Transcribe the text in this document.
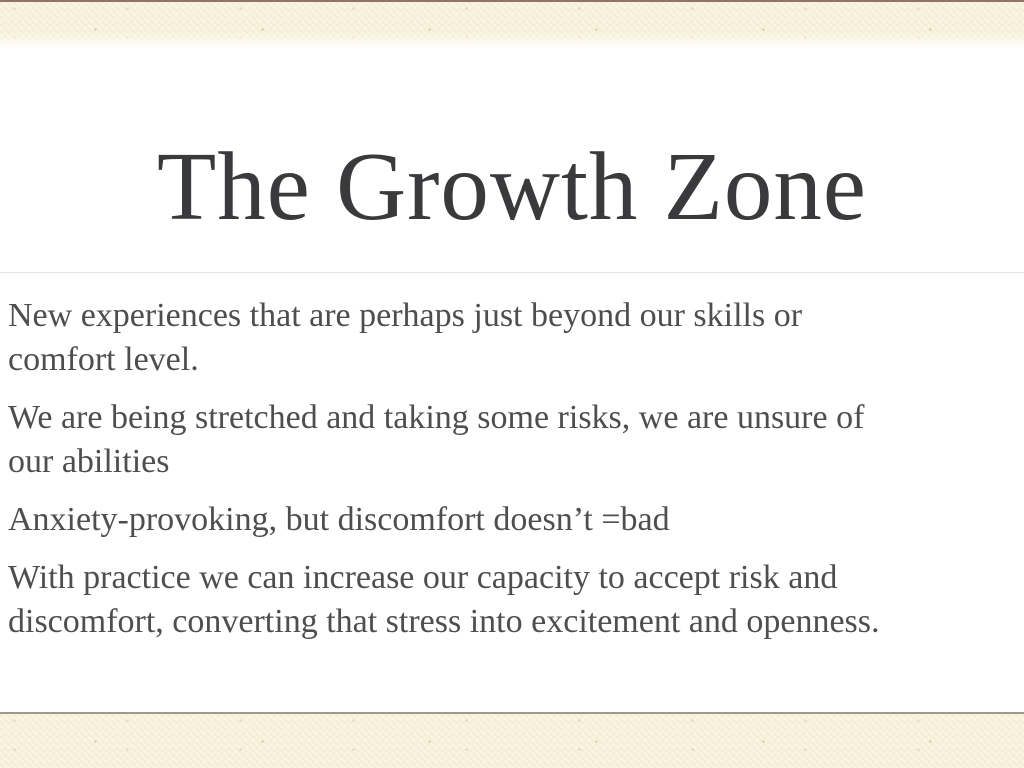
The Growth Zone

New experiences that are perhaps just beyond our skills or
comfort level.

We are being stretched and taking some risks, we are unsure of
our abilities

Anxiety-provoking, but discomfort doesn’t =bad

With practice we can increase our capacity to accept risk and
discomfort, converting that stress into excitement and openness.
